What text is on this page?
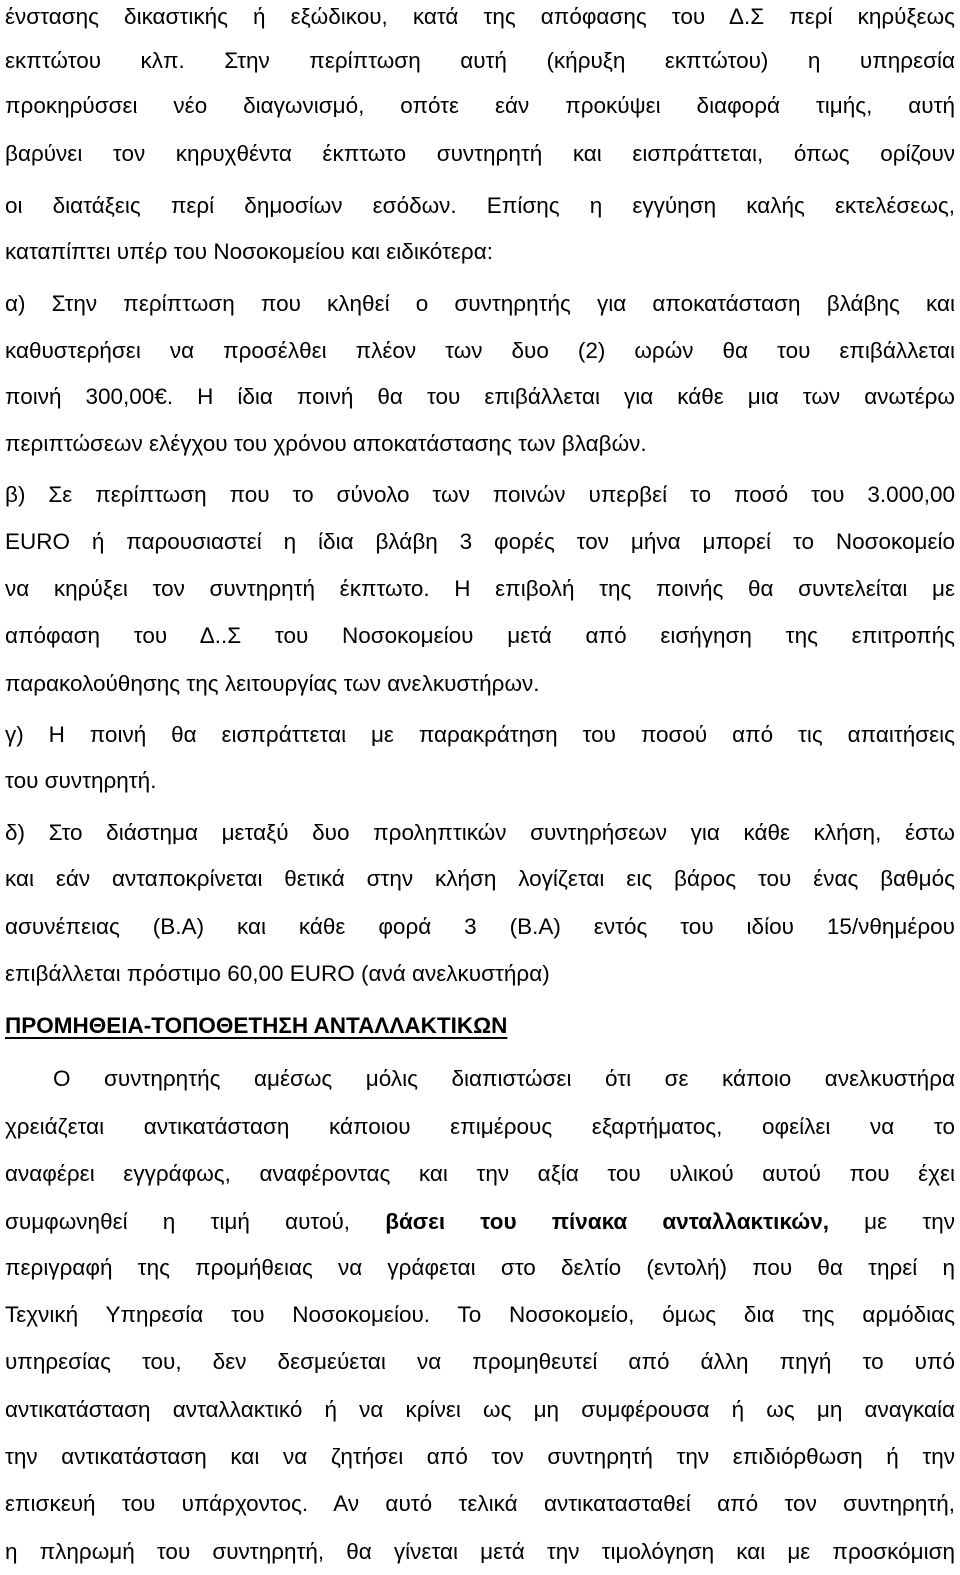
ένστασης δικαστικής ή εξώδικου, κατά της απόφασης του Δ.Σ περί κηρύξεως
εκπτώτου κλπ. Στην περίπτωση αυτή (κήρυξη εκπτώτου) η υπηρεσία
προκηρύσσει νέο διαγωνισμό, οπότε εάν προκύψει διαφορά τιμής, αυτή
βαρύνει τον κηρυχθέντα έκπτωτο συντηρητή και εισπράττεται, όπως ορίζουν
οι διατάξεις περί δημοσίων εσόδων. Επίσης η εγγύηση καλής εκτελέσεως,
καταπίπτει υπέρ του Νοσοκομείου και ειδικότερα:
α) Στην περίπτωση που κληθεί ο συντηρητής για αποκατάσταση βλάβης και
καθυστερήσει να προσέλθει πλέον των δυο (2) ωρών θα του επιβάλλεται
ποινή 300,00€. Η ίδια ποινή θα του επιβάλλεται για κάθε μια των ανωτέρω
περιπτώσεων ελέγχου του χρόνου αποκατάστασης των βλαβών.
β) Σε περίπτωση που το σύνολο των ποινών υπερβεί το ποσό του 3.000,00
EURO ή παρουσιαστεί η ίδια βλάβη 3 φορές τον μήνα μπορεί το Νοσοκομείο
να κηρύξει τον συντηρητή έκπτωτο. Η επιβολή της ποινής θα συντελείται με
απόφαση του Δ..Σ του Νοσοκομείου μετά από εισήγηση της επιτροπής
παρακολούθησης της λειτουργίας των ανελκυστήρων.
γ) Η ποινή θα εισπράττεται με παρακράτηση του ποσού από τις απαιτήσεις
του συντηρητή.
δ) Στο διάστημα μεταξύ δυο προληπτικών συντηρήσεων για κάθε κλήση, έστω
και εάν ανταποκρίνεται θετικά στην κλήση λογίζεται εις βάρος του ένας βαθμός
ασυνέπειας (Β.Α) και κάθε φορά 3 (Β.Α) εντός του ιδίου 15/νθημέρου
επιβάλλεται πρόστιμο 60,00 EURO (ανά ανελκυστήρα)
ΠΡΟΜΗΘΕΙΑ-ΤΟΠΟΘΕΤΗΣΗ ΑΝΤΑΛΛΑΚΤΙΚΩΝ
Ο συντηρητής αμέσως μόλις διαπιστώσει ότι σε κάποιο ανελκυστήρα
χρειάζεται αντικατάσταση κάποιου επιμέρους εξαρτήματος, οφείλει να το
αναφέρει εγγράφως, αναφέροντας και την αξία του υλικού αυτού που έχει
συμφωνηθεί η τιμή αυτού, βάσει του πίνακα ανταλλακτικών, με την
περιγραφή της προμήθειας να γράφεται στο δελτίο (εντολή) που θα τηρεί η
Τεχνική Υπηρεσία του Νοσοκομείου. Το Νοσοκομείο, όμως δια της αρμόδιας
υπηρεσίας του, δεν δεσμεύεται να προμηθευτεί από άλλη πηγή το υπό
αντικατάσταση ανταλλακτικό ή να κρίνει ως μη συμφέρουσα ή ως μη αναγκαία
την αντικατάσταση και να ζητήσει από τον συντηρητή την επιδιόρθωση ή την
επισκευή του υπάρχοντος. Αν αυτό τελικά αντικατασταθεί από τον συντηρητή,
η πληρωμή του συντηρητή, θα γίνεται μετά την τιμολόγηση και με προσκόμιση
